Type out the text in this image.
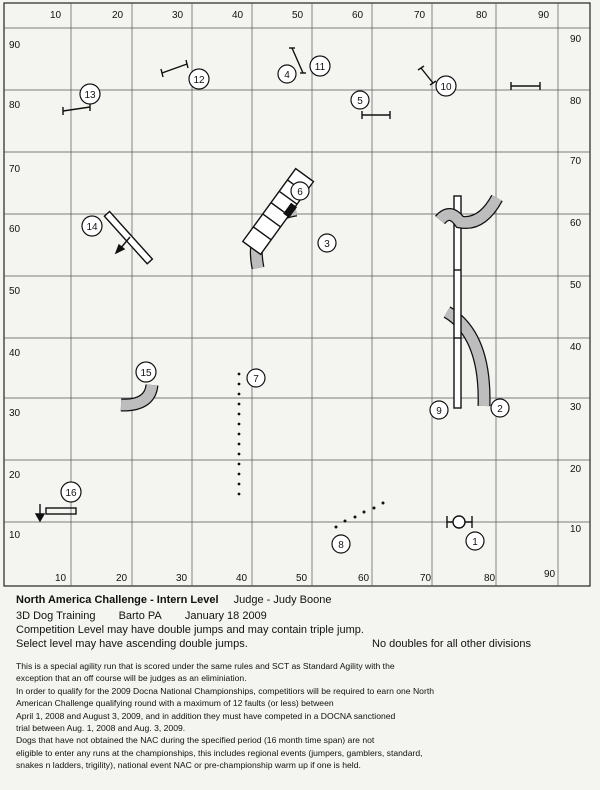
10	20	30	40	50	60	70	80	90
10	20	30	40	50	60	70	80	90
90
80
70
60
50
40
30
20
10
90
80
70
60
50
40
30
20
10
1
2
3
4
5
6
7
8
9
10
11
12
13
14
15
16
North America Challenge - Intern Level Judge - Judy Boone
3D Dog Training Barto PA January 18 2009
Competition Level may have double jumps and may contain triple jump.
Select level may have ascending double jumps.	No doubles for all other divisions
This is a special agility run that is scored under the same rules and SCT as Standard Agility with the
exception that an off course will be judges as an eliminiation.
In order to qualify for the 2009 Docna National Championships, competitiors will be required to earn one North
American Challenge qualifying round with a maximum of 12 faults (or less) between
April 1, 2008 and August 3, 2009, and in addition they must have competed in a DOCNA sanctioned
trial between Aug. 1, 2008 and Aug. 3, 2009.
Dogs that have not obtained the NAC during the specified period (16 month time span) are not
eligible to enter any runs at the championships, this includes regional events (jumpers, gamblers, standard,
snakes n ladders, trigility), national event NAC or pre-championship warm up if one is held.
